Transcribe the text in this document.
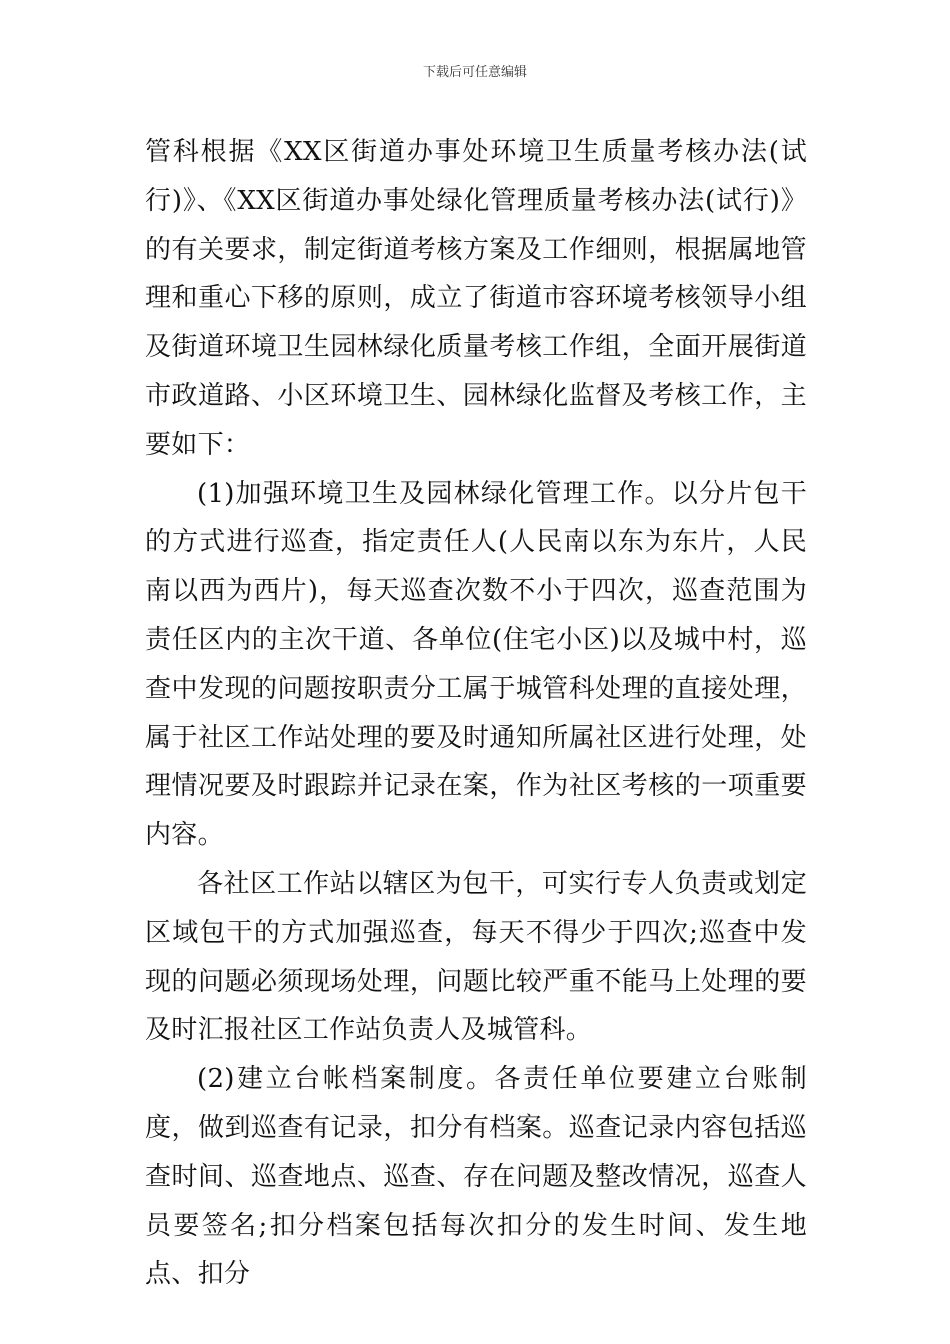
下载后可任意编辑

管科根据《XX区街道办事处环境卫生质量考核办法(试行)》、《XX区街道办事处绿化管理质量考核办法(试行)》的有关要求，制定街道考核方案及工作细则，根据属地管理和重心下移的原则，成立了街道市容环境考核领导小组及街道环境卫生园林绿化质量考核工作组，全面开展街道市政道路、小区环境卫生、园林绿化监督及考核工作，主要如下：

(1)加强环境卫生及园林绿化管理工作。以分片包干的方式进行巡查，指定责任人(人民南以东为东片，人民南以西为西片)，每天巡查次数不小于四次，巡查范围为责任区内的主次干道、各单位(住宅小区)以及城中村，巡查中发现的问题按职责分工属于城管科处理的直接处理，属于社区工作站处理的要及时通知所属社区进行处理，处理情况要及时跟踪并记录在案，作为社区考核的一项重要内容。

各社区工作站以辖区为包干，可实行专人负责或划定区域包干的方式加强巡查，每天不得少于四次;巡查中发现的问题必须现场处理，问题比较严重不能马上处理的要及时汇报社区工作站负责人及城管科。

(2)建立台帐档案制度。各责任单位要建立台账制度，做到巡查有记录，扣分有档案。巡查记录内容包括巡查时间、巡查地点、巡查、存在问题及整改情况，巡查人员要签名;扣分档案包括每次扣分的发生时间、发生地点、扣分
